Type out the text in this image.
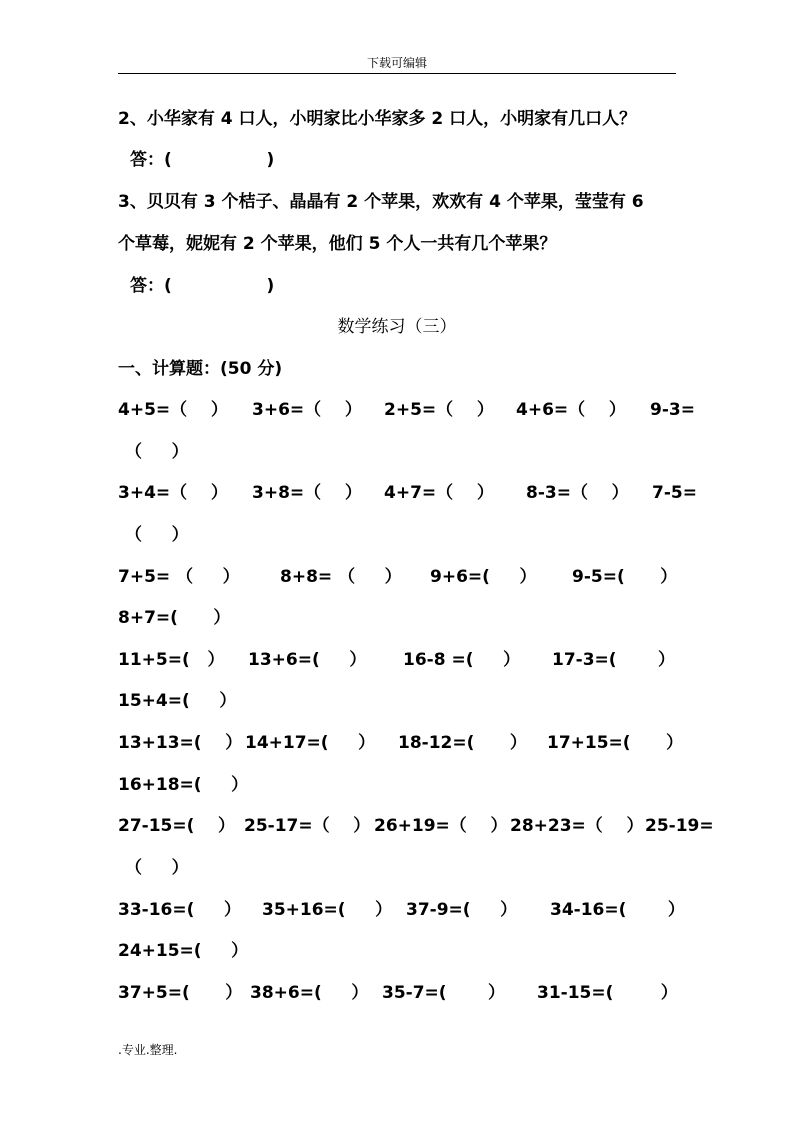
下载可编辑
2、小华家有 4 口人，小明家比小华家多 2 口人，小明家有几口人？
答：(                )
3、贝贝有 3 个桔子、晶晶有 2 个苹果，欢欢有 4 个苹果，莹莹有 6
个草莓，妮妮有 2 个苹果，他们 5 个人一共有几个苹果？
答：(                )
数学练习（三）
一、计算题：(50 分)
4+5=（    ） 3+6=（    ） 2+5=（    ） 4+6=（    ） 9-3=
（     ）
3+4=（    ） 3+8=（    ） 4+7=（    ） 8-3=（    ） 7-5=
（     ）
7+5= （     ） 8+8= （     ） 9+6=(     ） 9-5=(      ）
8+7=(      ）
11+5=(   ） 13+6=(     ） 16-8 =(     ） 17-3=(       ）
15+4=(     ）
13+13=(    ） 14+17=(     ） 18-12=(      ） 17+15=(      ）
16+18=(     ）
27-15=(    ） 25-17=（    ） 26+19=（    ） 28+23=（    ） 25-19=
（     ）
33-16=(     ） 35+16=(     ） 37-9=(     ） 34-16=(       ）
24+15=(     ）
37+5=(      ） 38+6=(     ） 35-7=(       ） 31-15=(        ）
.专业.整理.
